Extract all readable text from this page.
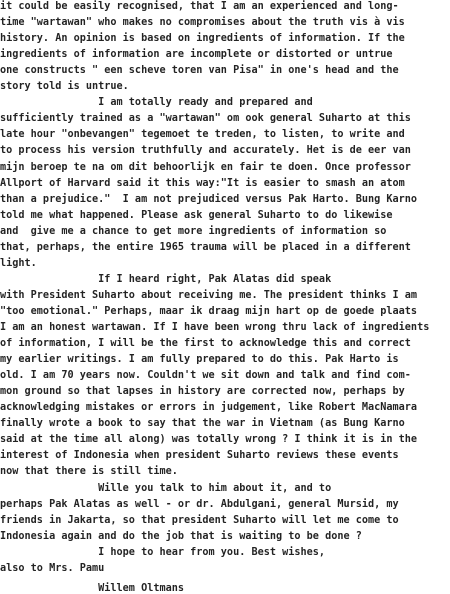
it could be easily recognised, that I am an experienced and long-
time "wartawan" who makes no compromises about the truth vis à vis
history. An opinion is based on ingredients of information. If the
ingredients of information are incomplete or distorted or untrue
one constructs " een scheve toren van Pisa" in one's head and the
story told is untrue.
I am totally ready and prepared and
sufficiently trained as a "wartawan" om ook general Suharto at this
late hour "onbevangen" tegemoet te treden, to listen, to write and
to process his version truthfully and accurately. Het is de eer van
mijn beroep te na om dit behoorlijk en fair te doen. Once professor
Allport of Harvard said it this way:"It is easier to smash an atom
than a prejudice."  I am not prejudiced versus Pak Harto. Bung Karno
told me what happened. Please ask general Suharto to do likewise
and  give me a chance to get more ingredients of information so
that, perhaps, the entire 1965 trauma will be placed in a different
light.
If I heard right, Pak Alatas did speak
with President Suharto about receiving me. The president thinks I am
"too emotional." Perhaps, maar ik draag mijn hart op de goede plaats
I am an honest wartawan. If I have been wrong thru lack of ingredients
of information, I will be the first to acknowledge this and correct
my earlier writings. I am fully prepared to do this. Pak Harto is
old. I am 70 years now. Couldn't we sit down and talk and find com-
mon ground so that lapses in history are corrected now, perhaps by
acknowledging mistakes or errors in judgement, like Robert MacNamara
finally wrote a book to say that the war in Vietnam (as Bung Karno
said at the time all along) was totally wrong ? I think it is in the
interest of Indonesia when president Suharto reviews these events
now that there is still time.
Wille you talk to him about it, and to
perhaps Pak Alatas as well - or dr. Abdulgani, general Mursid, my
friends in Jakarta, so that president Suharto will let me come to
Indonesia again and do the job that is waiting to be done ?
I hope to hear from you. Best wishes,
also to Mrs. Pamu
Willem Oltmans
